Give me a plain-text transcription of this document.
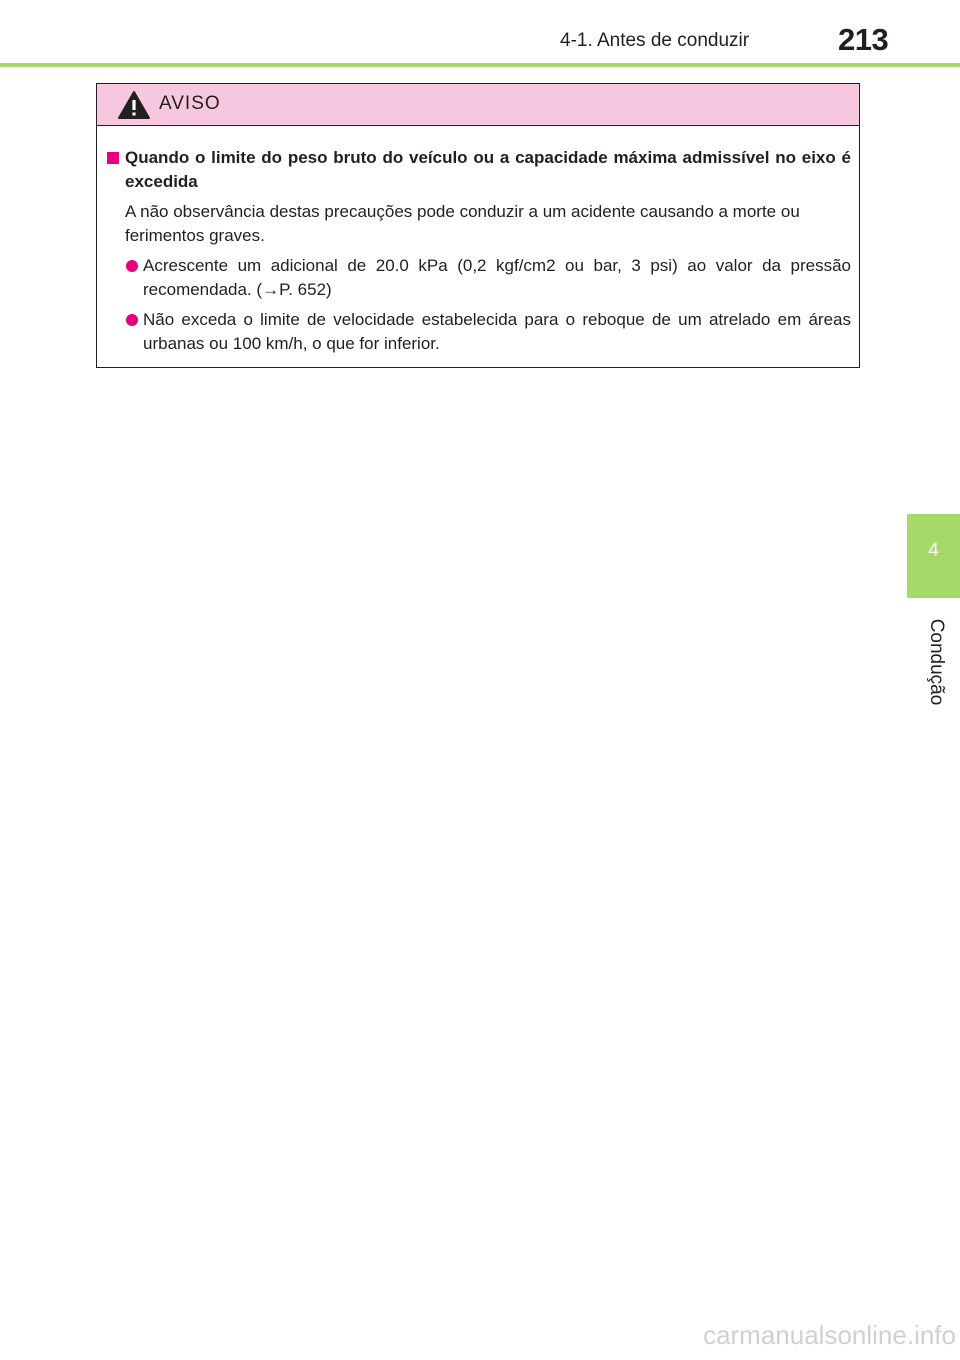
4-1. Antes de conduzir	213
4
Condução
AVISO
Quando o limite do peso bruto do veículo ou a capacidade máxima admissível no eixo é excedida
A não observância destas precauções pode conduzir a um acidente causando a morte ou ferimentos graves.
Acrescente um adicional de 20.0 kPa (0,2 kgf/cm2 ou bar, 3 psi) ao valor da pressão recomendada. (→P. 652)
Não exceda o limite de velocidade estabelecida para o reboque de um atrelado em áreas urbanas ou 100 km/h, o que for inferior.
carmanualsonline.info
